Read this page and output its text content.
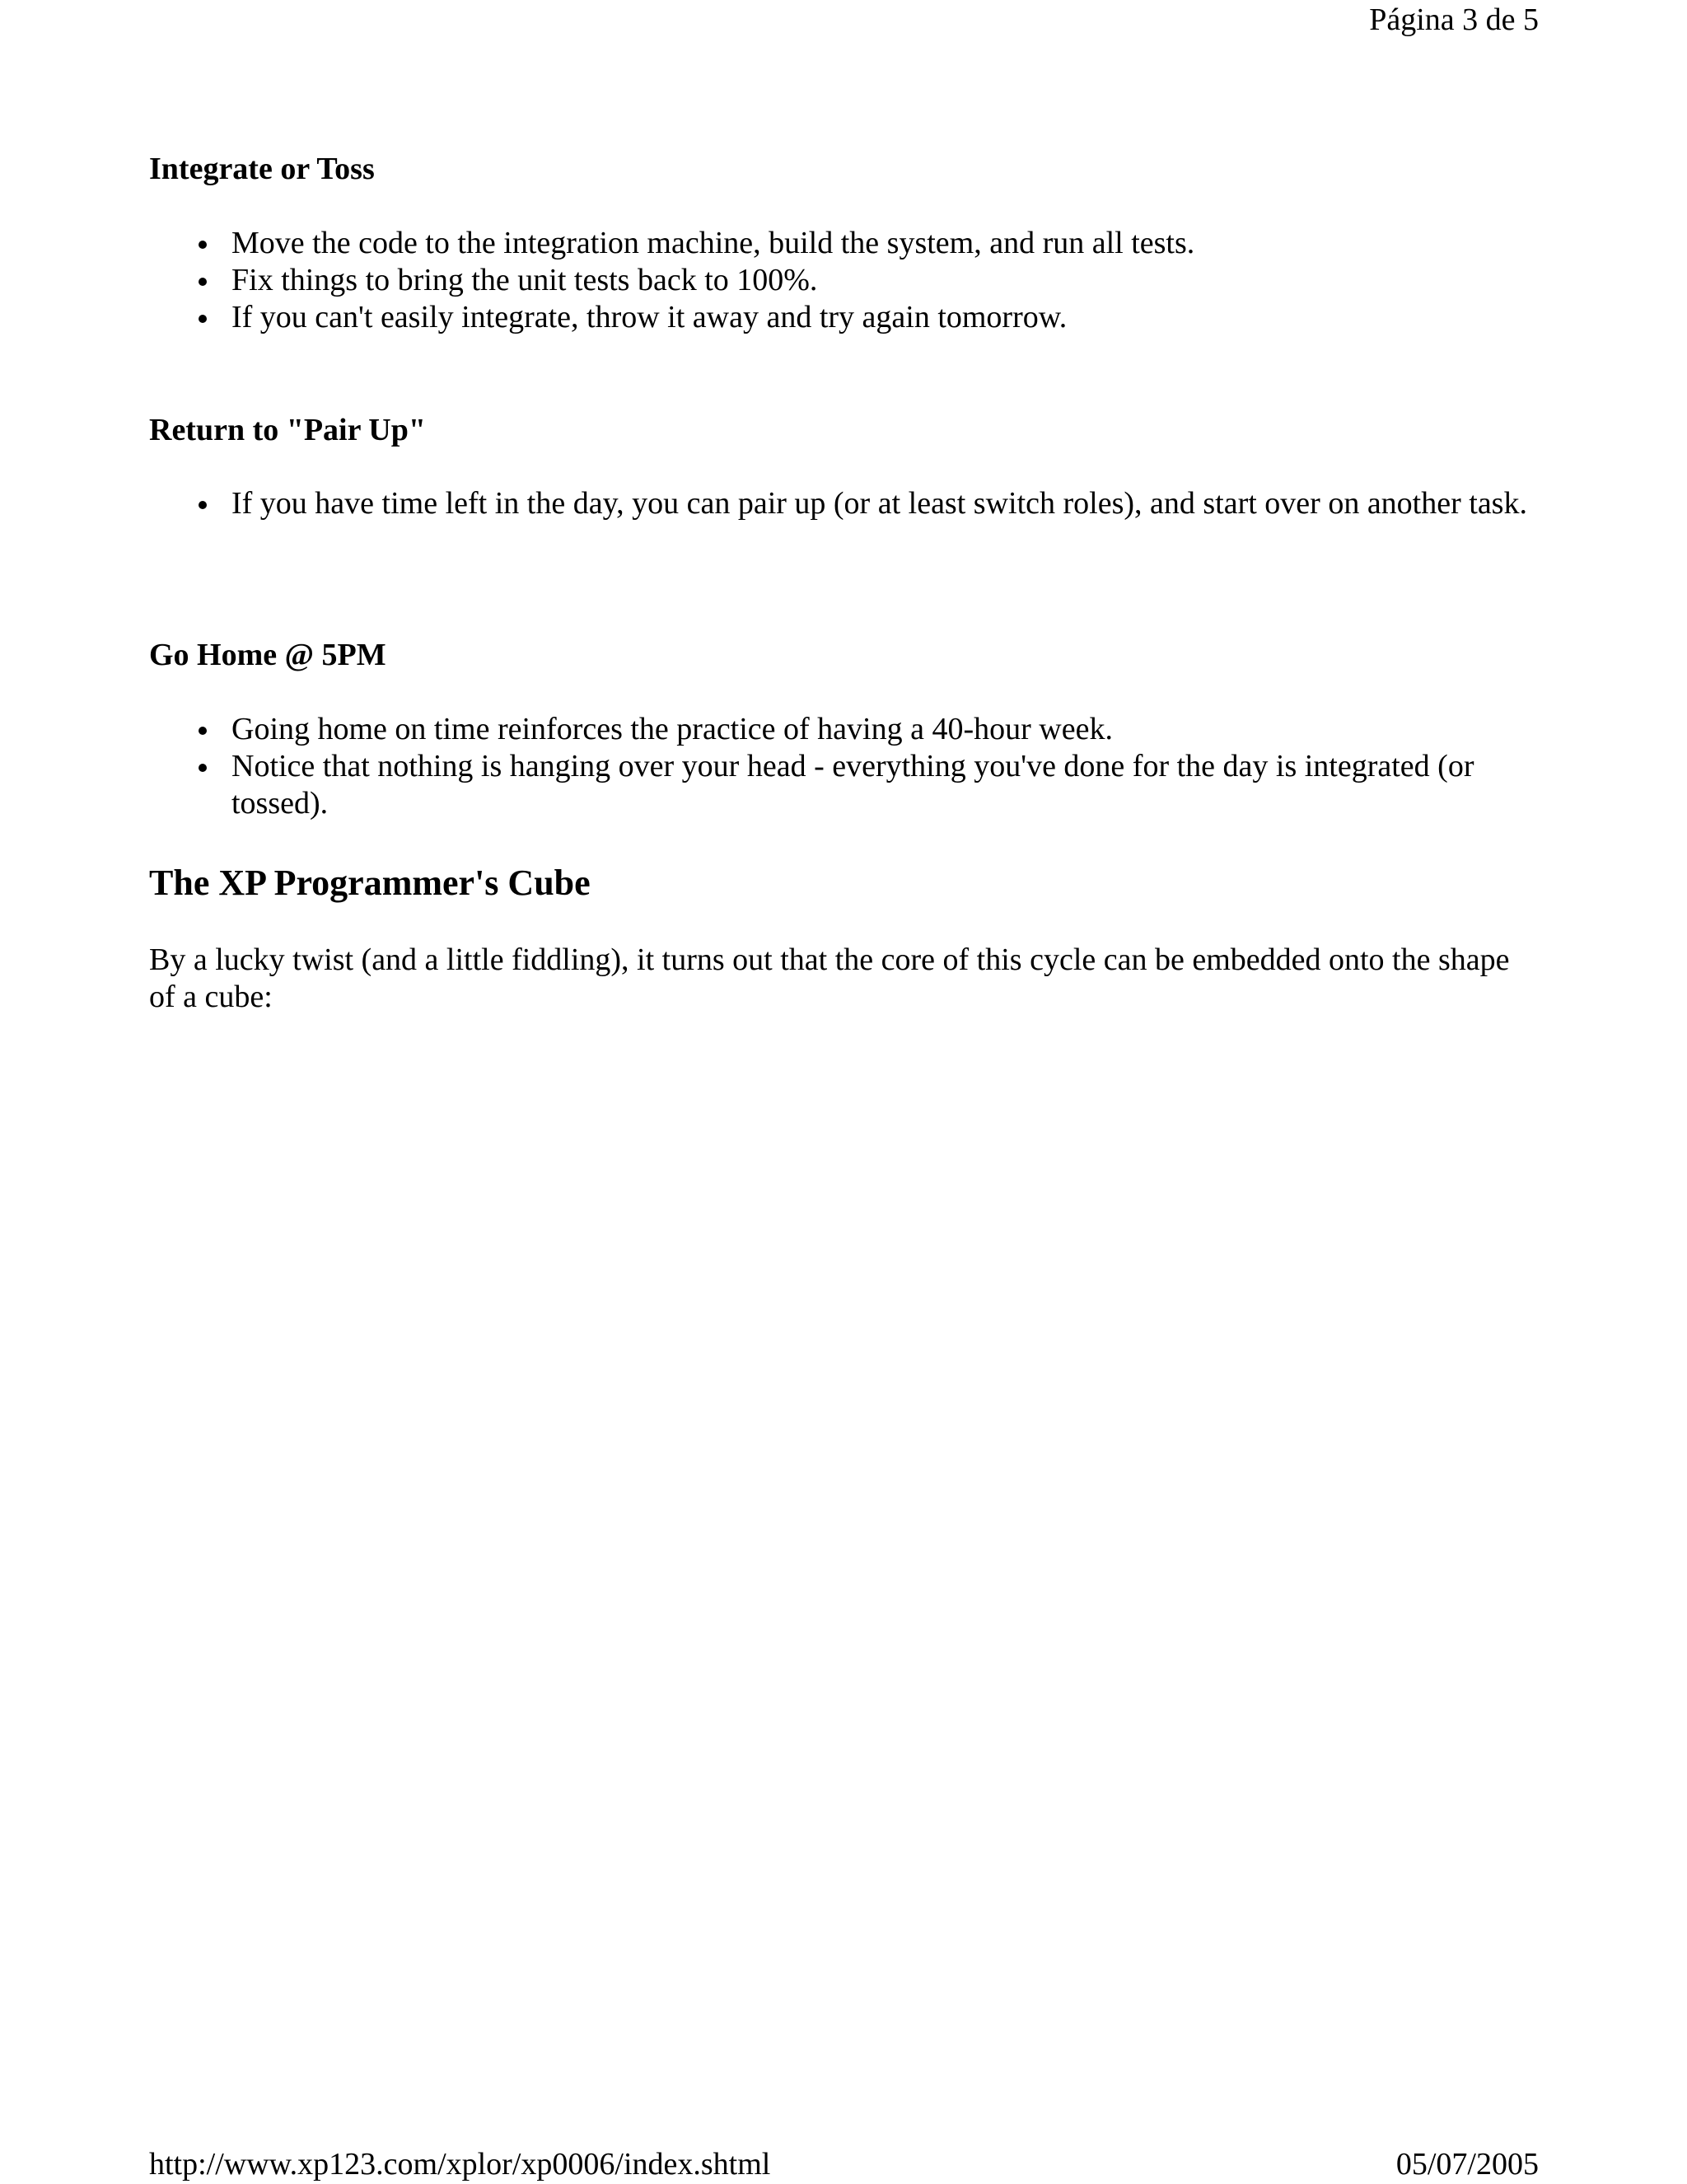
Página 3 de 5
Integrate or Toss
Move the code to the integration machine, build the system, and run all tests.
Fix things to bring the unit tests back to 100%.
If you can't easily integrate, throw it away and try again tomorrow.
Return to "Pair Up"
If you have time left in the day, you can pair up (or at least switch roles), and start over on another task.
Go Home @ 5PM
Going home on time reinforces the practice of having a 40-hour week.
Notice that nothing is hanging over your head - everything you've done for the day is integrated (or tossed).
The XP Programmer's Cube

By a lucky twist (and a little fiddling), it turns out that the core of this cycle can be embedded onto the shape of a cube:

http://www.xp123.com/xplor/xp0006/index.shtml	05/07/2005
